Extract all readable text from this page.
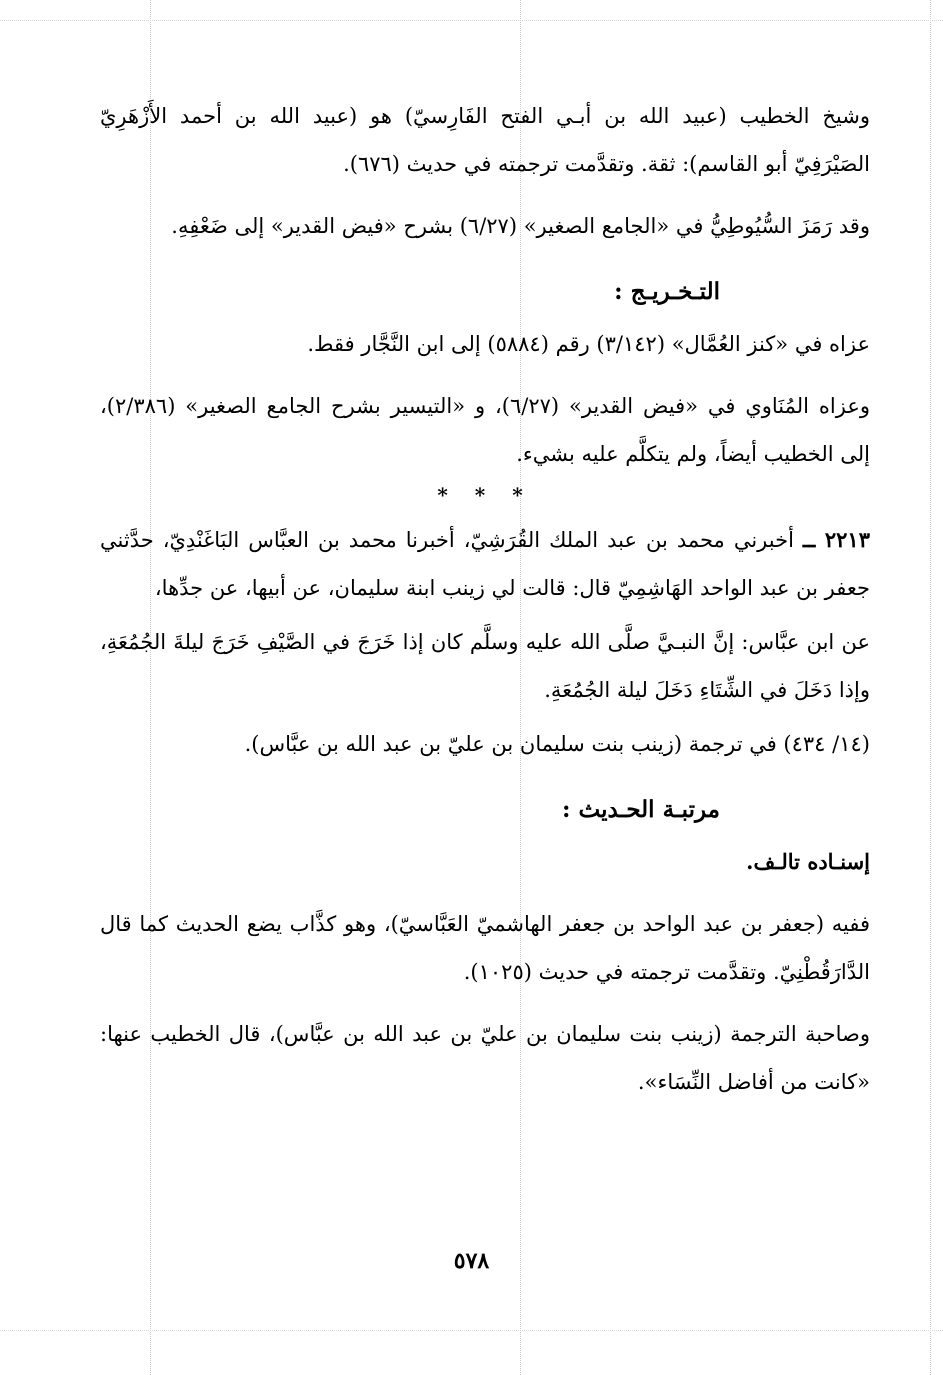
وشيخ الخطيب (عبيد الله بن أبـي الفتح الفَارِسيّ) هو (عبيد الله بن أحمد الأَزْهَرِيّ الصَيْرَفِيّ أبو القاسم): ثقة. وتقدَّمت ترجمته في حديث (٦٧٦).

وقد رَمَزَ السُّيُوطِيُّ في «الجامع الصغير» (٦/٢٧) بشرح «فيض القدير» إلى ضَعْفِهِ.

التـخـريـج :

عزاه في «كنز العُمَّال» (٣/١٤٢) رقم (٥٨٨٤) إلى ابن النَّجَّار فقط.

وعزاه المُنَاوي في «فيض القدير» (٦/٢٧)، و «التيسير بشرح الجامع الصغير» (٢/٣٨٦)، إلى الخطيب أيضاً، ولم يتكلَّم عليه بشيء.

* * *

٢٢١٣ ــ أخبرني محمد بن عبد الملك القُرَشِيّ، أخبرنا محمد بن العبَّاس البَاغَنْدِيّ، حدَّثني جعفر بن عبد الواحد الهَاشِمِيّ قال: قالت لي زينب ابنة سليمان، عن أبيها، عن جدِّها،

عن ابن عبَّاس: إنَّ النبـيَّ صلَّى الله عليه وسلَّم كان إذا خَرَجَ في الصَّيْفِ خَرَجَ ليلةَ الجُمُعَةِ، وإذا دَخَلَ في الشِّتَاءِ دَخَلَ ليلة الجُمُعَةِ.

(١٤/ ٤٣٤) في ترجمة (زينب بنت سليمان بن عليّ بن عبد الله بن عبَّاس).

مرتبـة الحـديث :

إسنـاده تالـف.

ففيه (جعفر بن عبد الواحد بن جعفر الهاشميّ العَبَّاسيّ)، وهو كذَّاب يضع الحديث كما قال الدَّارَقُطْنِيّ. وتقدَّمت ترجمته في حديث (١٠٢٥).

وصاحبة الترجمة (زينب بنت سليمان بن عليّ بن عبد الله بن عبَّاس)، قال الخطيب عنها: «كانت من أفاضل النِّسَاء».

٥٧٨
